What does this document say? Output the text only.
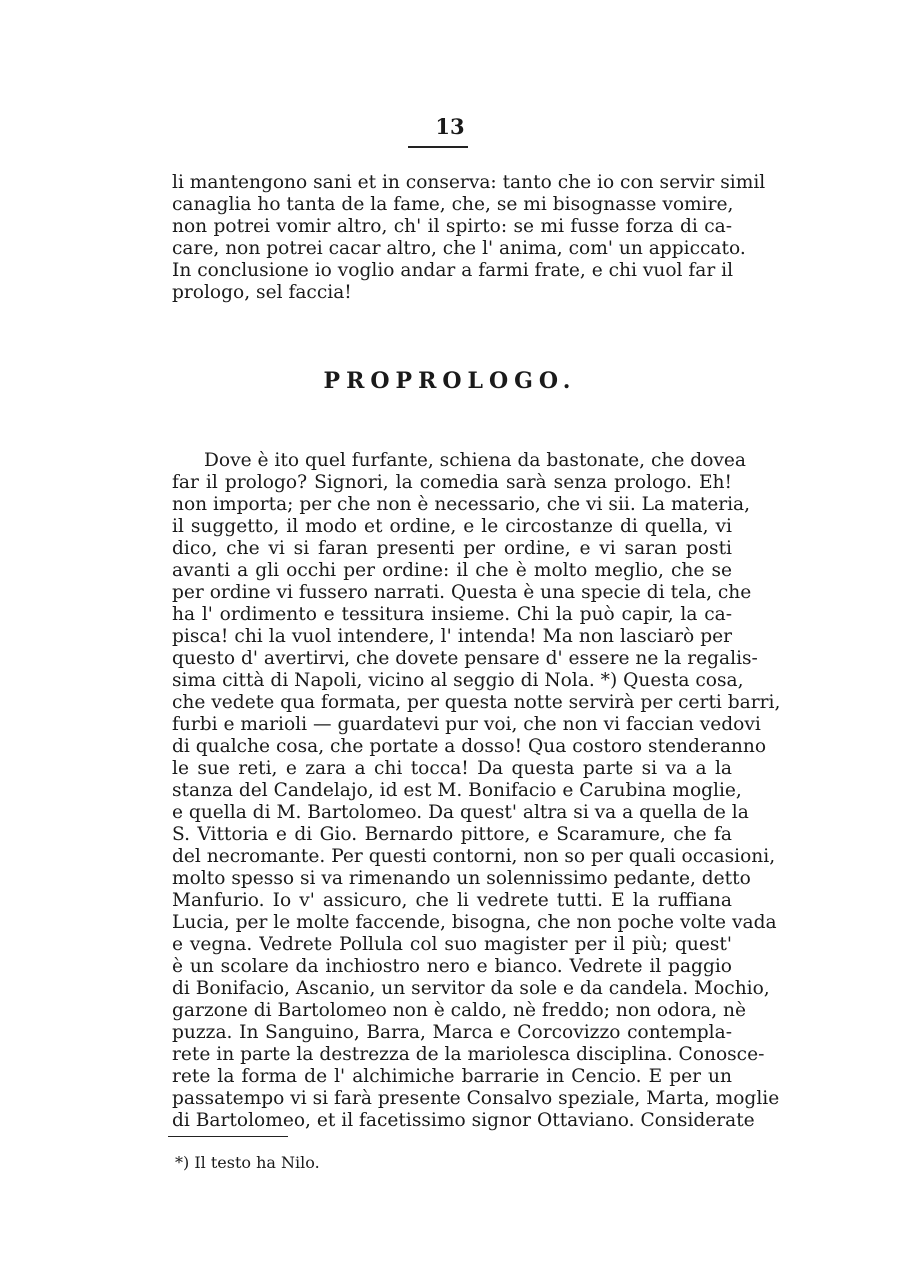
13
li mantengono sani et in conserva: tanto che io con servir simil
canaglia ho tanta de la fame, che, se mi bisognasse vomire,
non potrei vomir altro, ch' il spirto: se mi fusse forza di ca-
care, non potrei cacar altro, che l' anima, com' un appiccato.
In conclusione io voglio andar a farmi frate, e chi vuol far il
prologo, sel faccia!
PROPROLOGO.
Dove è ito quel furfante, schiena da bastonate, che dovea
far il prologo? Signori, la comedia sarà senza prologo. Eh!
non importa; per che non è necessario, che vi sii. La materia,
il suggetto, il modo et ordine, e le circostanze di quella, vi
dico, che vi si faran presenti per ordine, e vi saran posti
avanti a gli occhi per ordine: il che è molto meglio, che se
per ordine vi fussero narrati. Questa è una specie di tela, che
ha l' ordimento e tessitura insieme. Chi la può capir, la ca-
pisca! chi la vuol intendere, l' intenda! Ma non lasciarò per
questo d' avertirvi, che dovete pensare d' essere ne la regalis-
sima città di Napoli, vicino al seggio di Nola. *) Questa cosa,
che vedete qua formata, per questa notte servirà per certi barri,
furbi e marioli — guardatevi pur voi, che non vi faccian vedovi
di qualche cosa, che portate a dosso! Qua costoro stenderanno
le sue reti, e zara a chi tocca! Da questa parte si va a la
stanza del Candelajo, id est M. Bonifacio e Carubina moglie,
e quella di M. Bartolomeo. Da quest' altra si va a quella de la
S. Vittoria e di Gio. Bernardo pittore, e Scaramure, che fa
del necromante. Per questi contorni, non so per quali occasioni,
molto spesso si va rimenando un solennissimo pedante, detto
Manfurio. Io v' assicuro, che li vedrete tutti. E la ruffiana
Lucia, per le molte faccende, bisogna, che non poche volte vada
e vegna. Vedrete Pollula col suo magister per il più; quest'
è un scolare da inchiostro nero e bianco. Vedrete il paggio
di Bonifacio, Ascanio, un servitor da sole e da candela. Mochio,
garzone di Bartolomeo non è caldo, nè freddo; non odora, nè
puzza. In Sanguino, Barra, Marca e Corcovizzo contempla-
rete in parte la destrezza de la mariolesca disciplina. Conosce-
rete la forma de l' alchimiche barrarie in Cencio. E per un
passatempo vi si farà presente Consalvo speziale, Marta, moglie
di Bartolomeo, et il facetissimo signor Ottaviano. Considerate
*) Il testo ha Nilo.
